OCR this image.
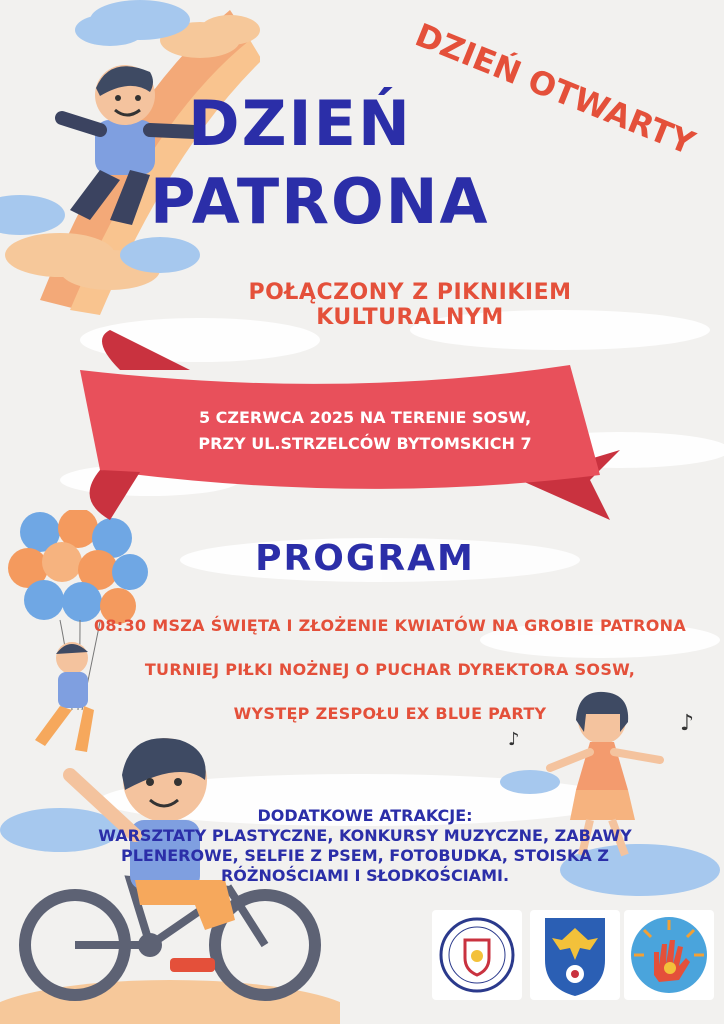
♪
♪
DZIEŃ OTWARTY
DZIEŃ
PATRONA
POŁĄCZONY Z PIKNIKIEM KULTURALNYM
5 CZERWCA 2025 NA TERENIE SOSW,
PRZY UL.STRZELCÓW BYTOMSKICH 7
PROGRAM
08:30 MSZA ŚWIĘTA I ZŁOŻENIE KWIATÓW NA GROBIE PATRONA
TURNIEJ PIŁKI NOŻNEJ O PUCHAR DYREKTORA SOSW,
WYSTĘP ZESPOŁU EX BLUE PARTY
DODATKOWE ATRAKCJE:
WARSZTATY PLASTYCZNE, KONKURSY MUZYCZNE, ZABAWY
PLENEROWE, SELFIE Z PSEM, FOTOBUDKA, STOISKA Z
RÓŻNOŚCIAMI I SŁODKOŚCIAMI.
